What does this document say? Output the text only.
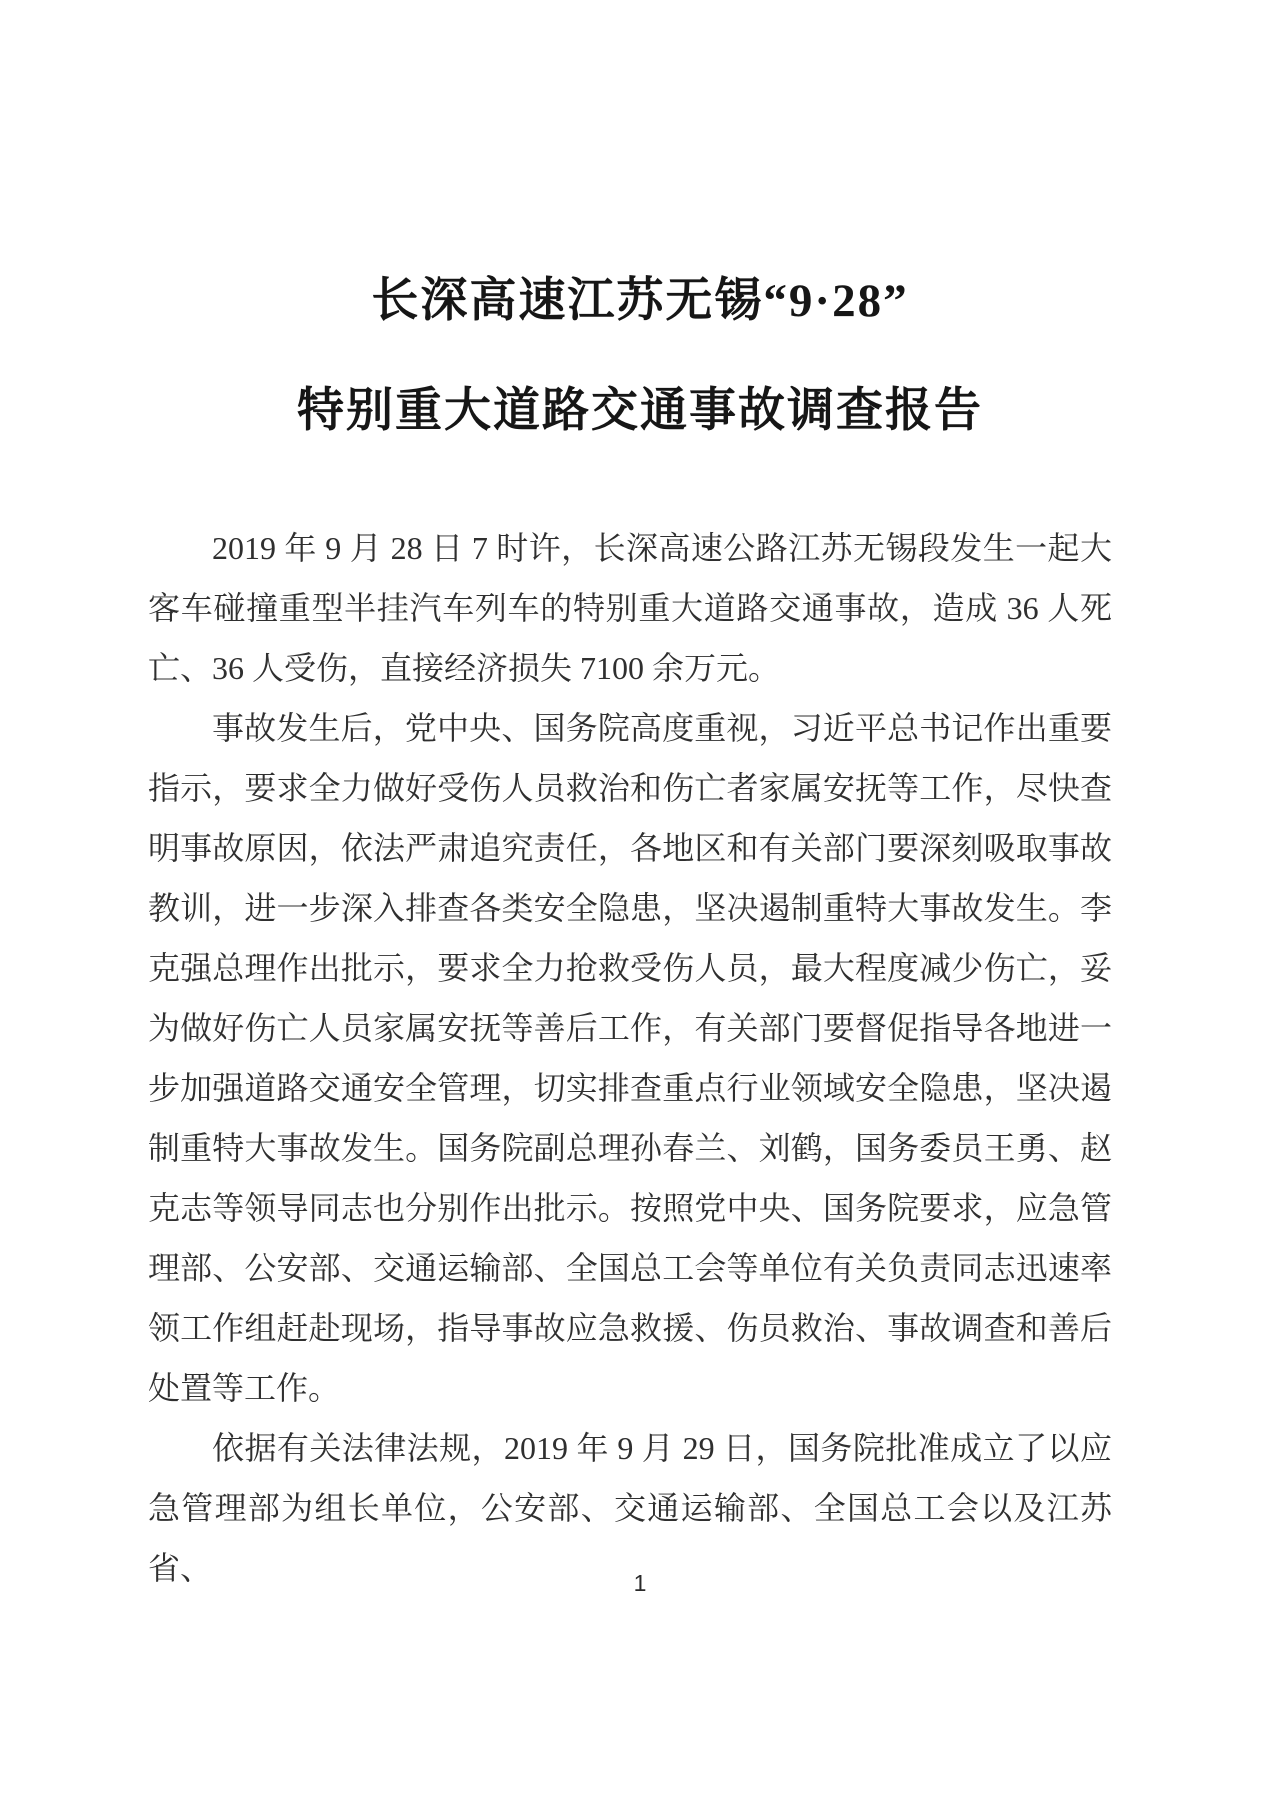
长深高速江苏无锡“9·28”
特别重大道路交通事故调查报告

2019 年 9 月 28 日 7 时许，长深高速公路江苏无锡段发生一起大客车碰撞重型半挂汽车列车的特别重大道路交通事故，造成 36 人死亡、36 人受伤，直接经济损失 7100 余万元。

事故发生后，党中央、国务院高度重视，习近平总书记作出重要指示，要求全力做好受伤人员救治和伤亡者家属安抚等工作，尽快查明事故原因，依法严肃追究责任，各地区和有关部门要深刻吸取事故教训，进一步深入排查各类安全隐患，坚决遏制重特大事故发生。李克强总理作出批示，要求全力抢救受伤人员，最大程度减少伤亡，妥为做好伤亡人员家属安抚等善后工作，有关部门要督促指导各地进一步加强道路交通安全管理，切实排查重点行业领域安全隐患，坚决遏制重特大事故发生。国务院副总理孙春兰、刘鹤，国务委员王勇、赵克志等领导同志也分别作出批示。按照党中央、国务院要求，应急管理部、公安部、交通运输部、全国总工会等单位有关负责同志迅速率领工作组赶赴现场，指导事故应急救援、伤员救治、事故调查和善后处置等工作。

依据有关法律法规，2019 年 9 月 29 日，国务院批准成立了以应急管理部为组长单位，公安部、交通运输部、全国总工会以及江苏省、	1
